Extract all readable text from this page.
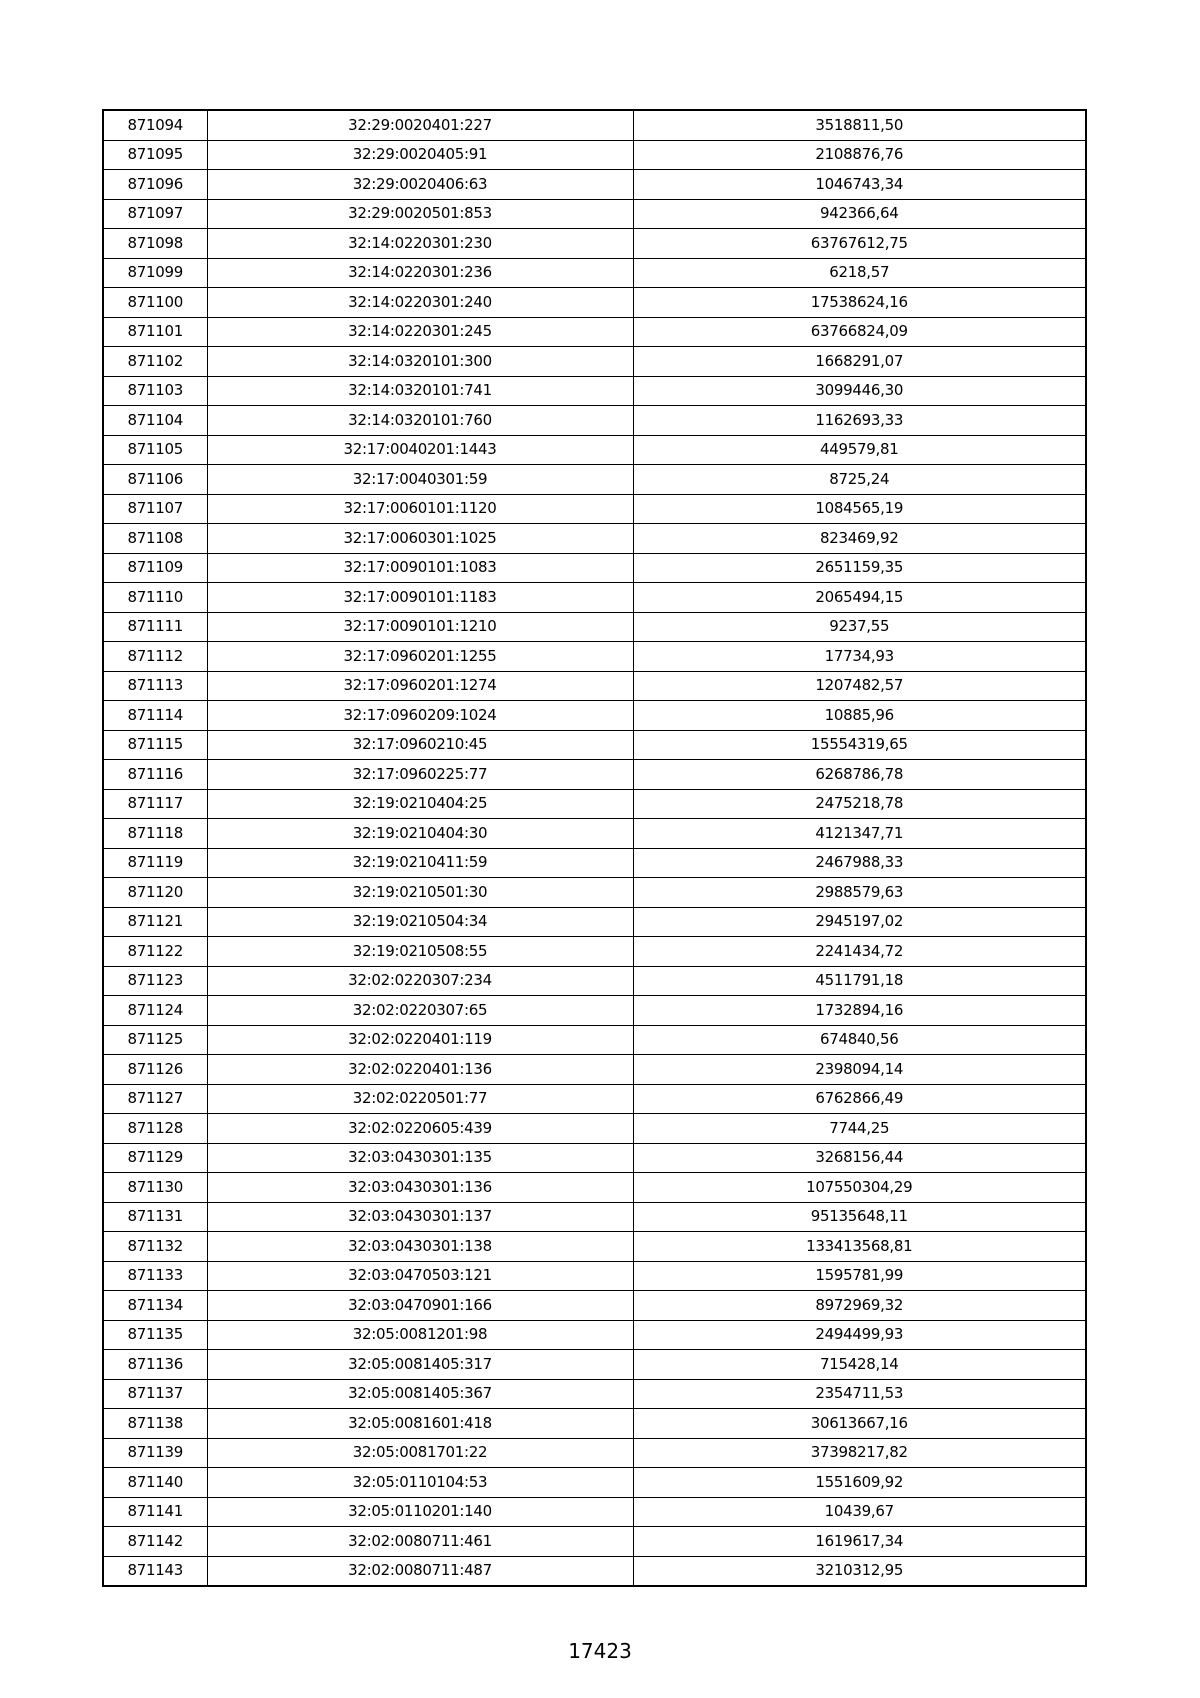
871094	32:29:0020401:227	3518811,50
871095	32:29:0020405:91	2108876,76
871096	32:29:0020406:63	1046743,34
871097	32:29:0020501:853	942366,64
871098	32:14:0220301:230	63767612,75
871099	32:14:0220301:236	6218,57
871100	32:14:0220301:240	17538624,16
871101	32:14:0220301:245	63766824,09
871102	32:14:0320101:300	1668291,07
871103	32:14:0320101:741	3099446,30
871104	32:14:0320101:760	1162693,33
871105	32:17:0040201:1443	449579,81
871106	32:17:0040301:59	8725,24
871107	32:17:0060101:1120	1084565,19
871108	32:17:0060301:1025	823469,92
871109	32:17:0090101:1083	2651159,35
871110	32:17:0090101:1183	2065494,15
871111	32:17:0090101:1210	9237,55
871112	32:17:0960201:1255	17734,93
871113	32:17:0960201:1274	1207482,57
871114	32:17:0960209:1024	10885,96
871115	32:17:0960210:45	15554319,65
871116	32:17:0960225:77	6268786,78
871117	32:19:0210404:25	2475218,78
871118	32:19:0210404:30	4121347,71
871119	32:19:0210411:59	2467988,33
871120	32:19:0210501:30	2988579,63
871121	32:19:0210504:34	2945197,02
871122	32:19:0210508:55	2241434,72
871123	32:02:0220307:234	4511791,18
871124	32:02:0220307:65	1732894,16
871125	32:02:0220401:119	674840,56
871126	32:02:0220401:136	2398094,14
871127	32:02:0220501:77	6762866,49
871128	32:02:0220605:439	7744,25
871129	32:03:0430301:135	3268156,44
871130	32:03:0430301:136	107550304,29
871131	32:03:0430301:137	95135648,11
871132	32:03:0430301:138	133413568,81
871133	32:03:0470503:121	1595781,99
871134	32:03:0470901:166	8972969,32
871135	32:05:0081201:98	2494499,93
871136	32:05:0081405:317	715428,14
871137	32:05:0081405:367	2354711,53
871138	32:05:0081601:418	30613667,16
871139	32:05:0081701:22	37398217,82
871140	32:05:0110104:53	1551609,92
871141	32:05:0110201:140	10439,67
871142	32:02:0080711:461	1619617,34
871143	32:02:0080711:487	3210312,95
17423
